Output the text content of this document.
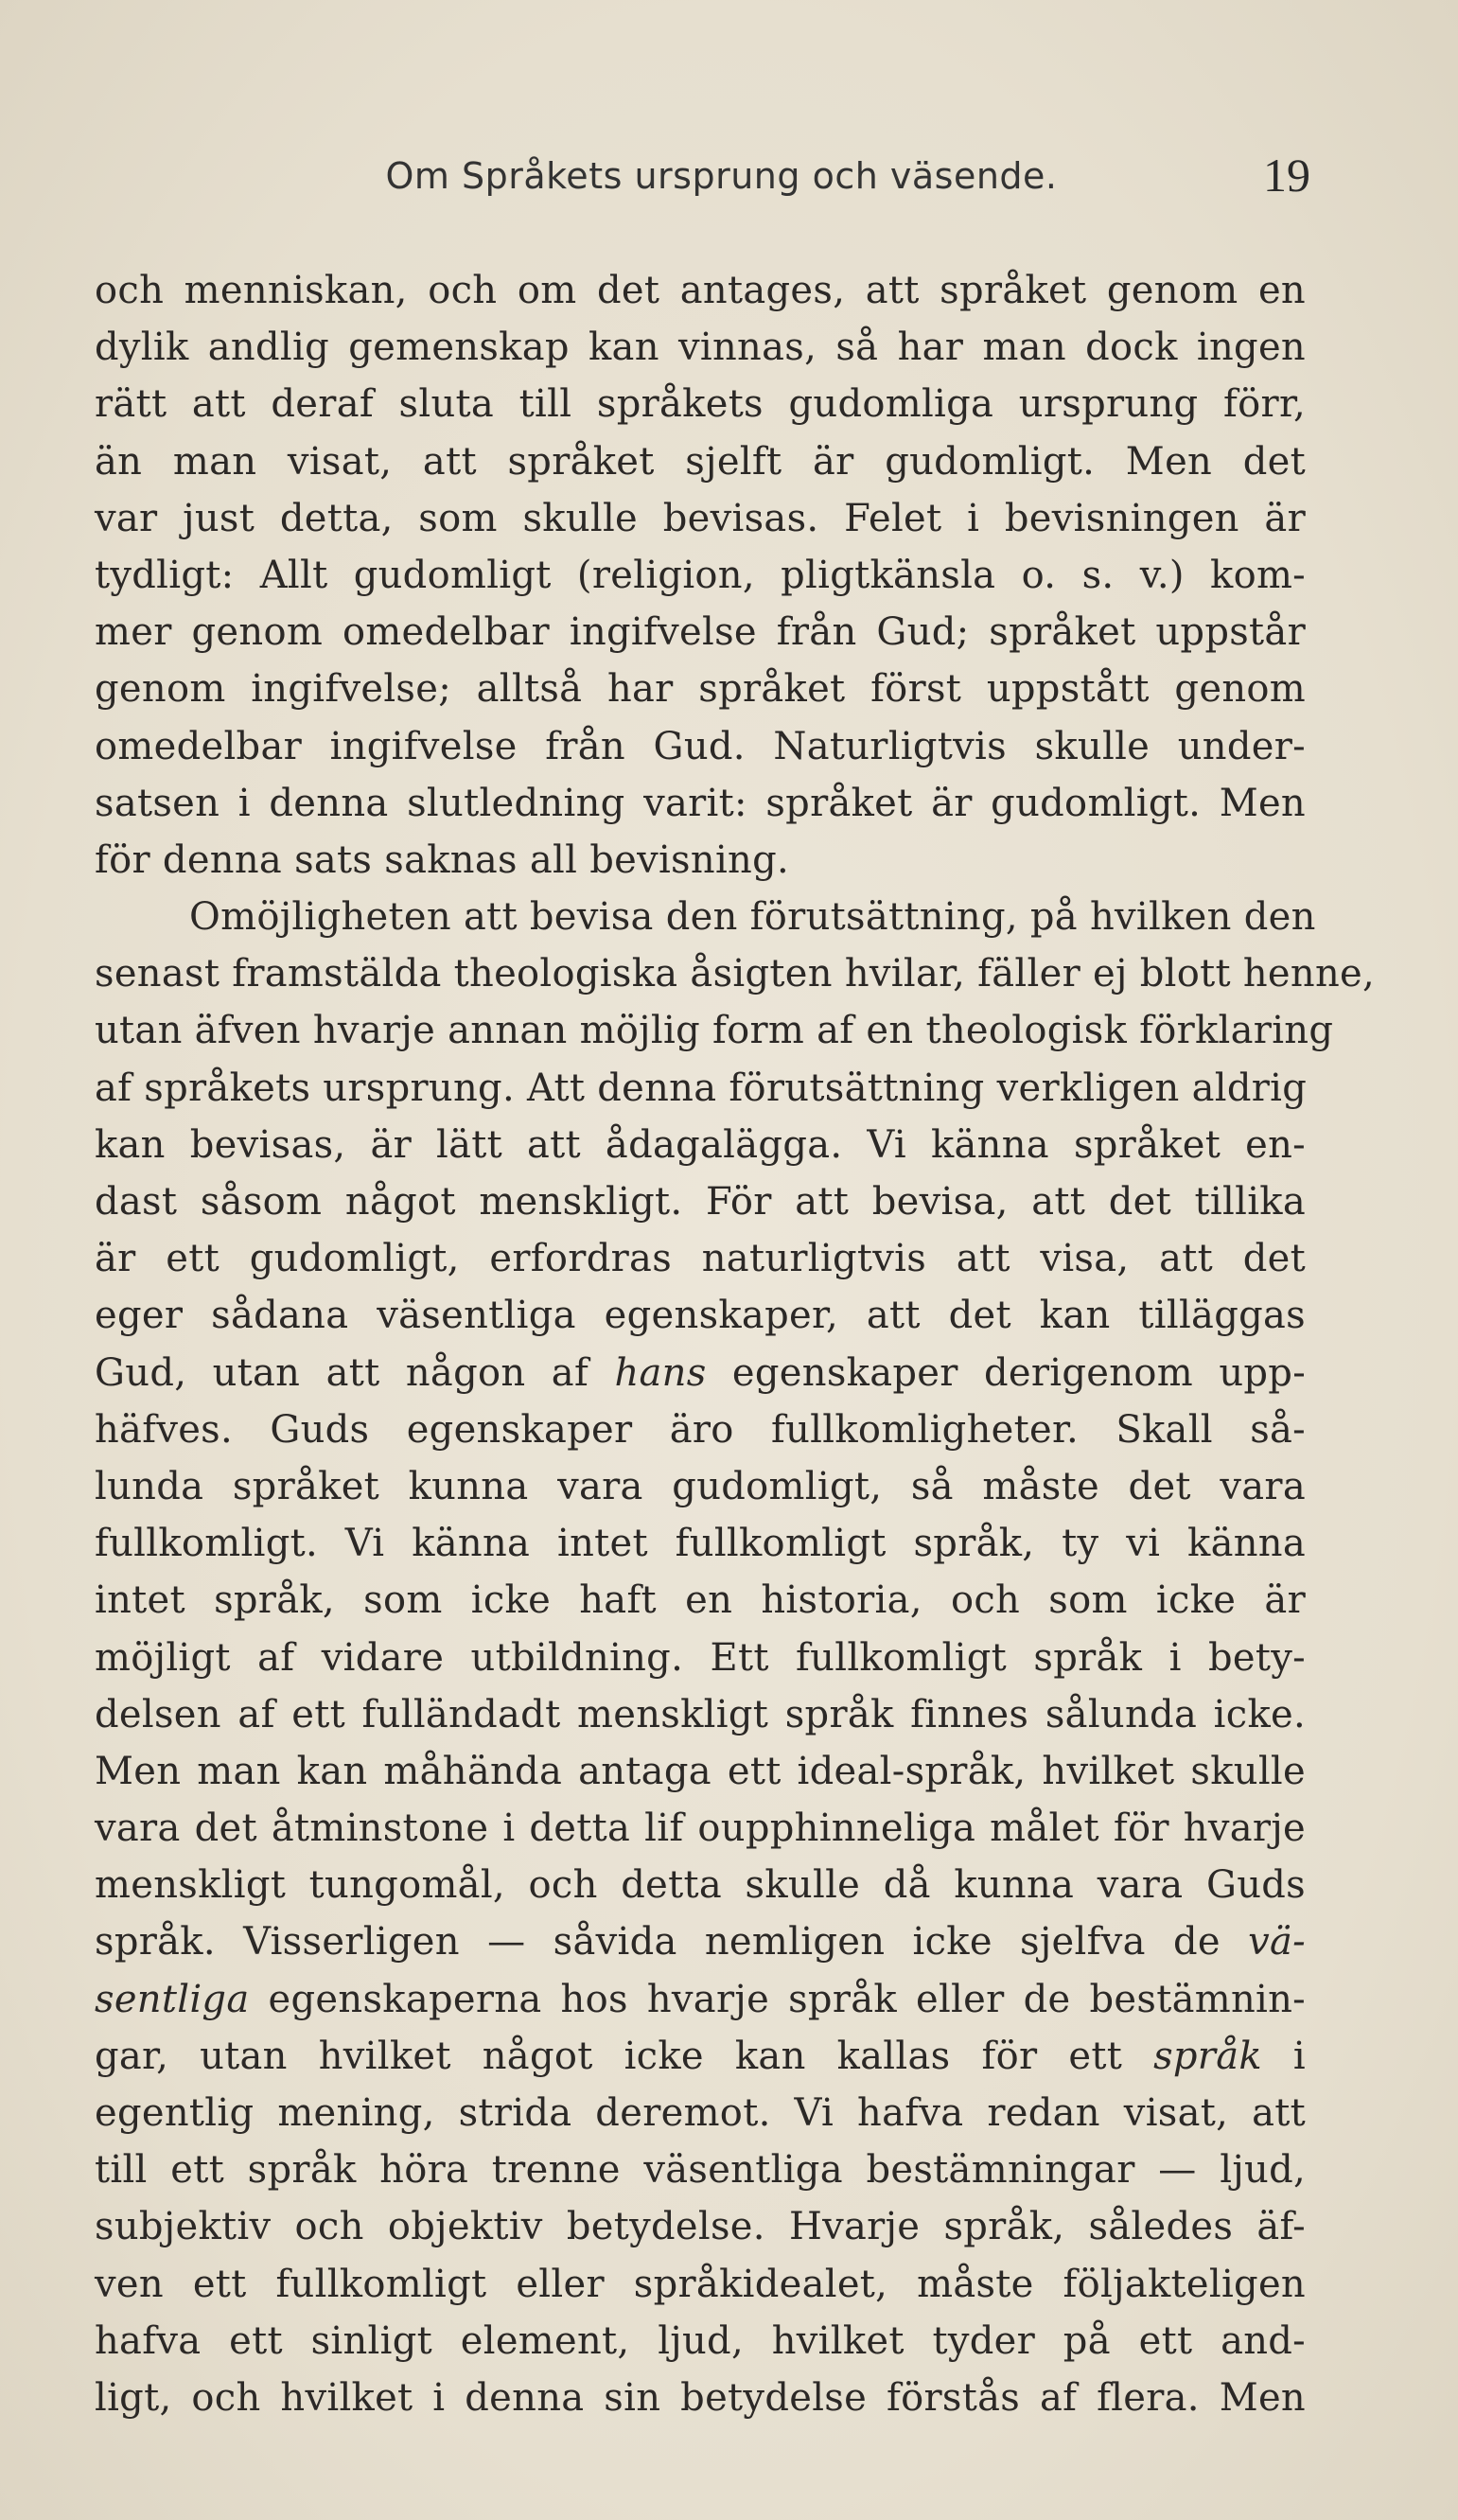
Om Språkets ursprung och väsende.	19
och menniskan, och om det antages, att språket genom en
dylik andlig gemenskap kan vinnas, så har man dock ingen
rätt att deraf sluta till språkets gudomliga ursprung förr,
än man visat, att språket sjelft är gudomligt. Men det
var just detta, som skulle bevisas. Felet i bevisningen är
tydligt: Allt gudomligt (religion, pligtkänsla o. s. v.) kom-
mer genom omedelbar ingifvelse från Gud; språket uppstår
genom ingifvelse; alltså har språket först uppstått genom
omedelbar ingifvelse från Gud. Naturligtvis skulle under-
satsen i denna slutledning varit: språket är gudomligt. Men
för denna sats saknas all bevisning.
Omöjligheten att bevisa den förutsättning, på hvilken den
senast framstälda theologiska åsigten hvilar, fäller ej blott henne,
utan äfven hvarje annan möjlig form af en theologisk förklaring
af språkets ursprung. Att denna förutsättning verkligen aldrig
kan bevisas, är lätt att ådagalägga. Vi känna språket en-
dast såsom något menskligt. För att bevisa, att det tillika
är ett gudomligt, erfordras naturligtvis att visa, att det
eger sådana väsentliga egenskaper, att det kan tilläggas
Gud, utan att någon af hans egenskaper derigenom upp-
häfves. Guds egenskaper äro fullkomligheter. Skall så-
lunda språket kunna vara gudomligt, så måste det vara
fullkomligt. Vi känna intet fullkomligt språk, ty vi känna
intet språk, som icke haft en historia, och som icke är
möjligt af vidare utbildning. Ett fullkomligt språk i bety-
delsen af ett fulländadt menskligt språk finnes sålunda icke.
Men man kan måhända antaga ett ideal-språk, hvilket skulle
vara det åtminstone i detta lif oupphinneliga målet för hvarje
menskligt tungomål, och detta skulle då kunna vara Guds
språk. Visserligen — såvida nemligen icke sjelfva de vä-
sentliga egenskaperna hos hvarje språk eller de bestämnin-
gar, utan hvilket något icke kan kallas för ett språk i
egentlig mening, strida deremot. Vi hafva redan visat, att
till ett språk höra trenne väsentliga bestämningar — ljud,
subjektiv och objektiv betydelse. Hvarje språk, således äf-
ven ett fullkomligt eller språkidealet, måste följakteligen
hafva ett sinligt element, ljud, hvilket tyder på ett and-
ligt, och hvilket i denna sin betydelse förstås af flera. Men
